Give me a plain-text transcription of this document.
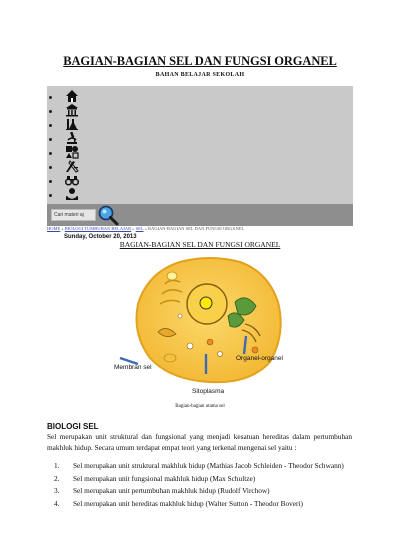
BAGIAN-BAGIAN SEL DAN FUNGSI ORGANEL
BAHAN BELAJAR SEKOLAH
Cari materi aj
HOME » BIOLOGI TUMBUHAN BELAJAR » SEL » BAGIAN-BAGIAN SEL DAN FUNGSI ORGANEL
Sunday, October 20, 2013
BAGIAN-BAGIAN SEL DAN FUNGSI ORGANEL
Membran sel
Organel-organel
Sitoplasma
Bagian-bagian utama sel
BIOLOGI SEL

Sel merupakan unit struktural dan fungsional yang menjadi kesatuan hereditas dalam pertumbuhan makhluk hidup. Secara umum terdapat empat teori yang terkenal mengenai sel yaitu :

1. Sel merupakan unit struktural makhluk hidup (Mathias Jacob Schleiden - Theodor Schwann)
2. Sel merupakan unit fungsional makhluk hidup (Max Schultze)
3. Sel merupakan unit pertumbuhan makhluk hidup (Rudolf Virchow)
4. Sel merupakan unit hereditas makhluk hidup (Walter Sutton - Theodor Boveri)
